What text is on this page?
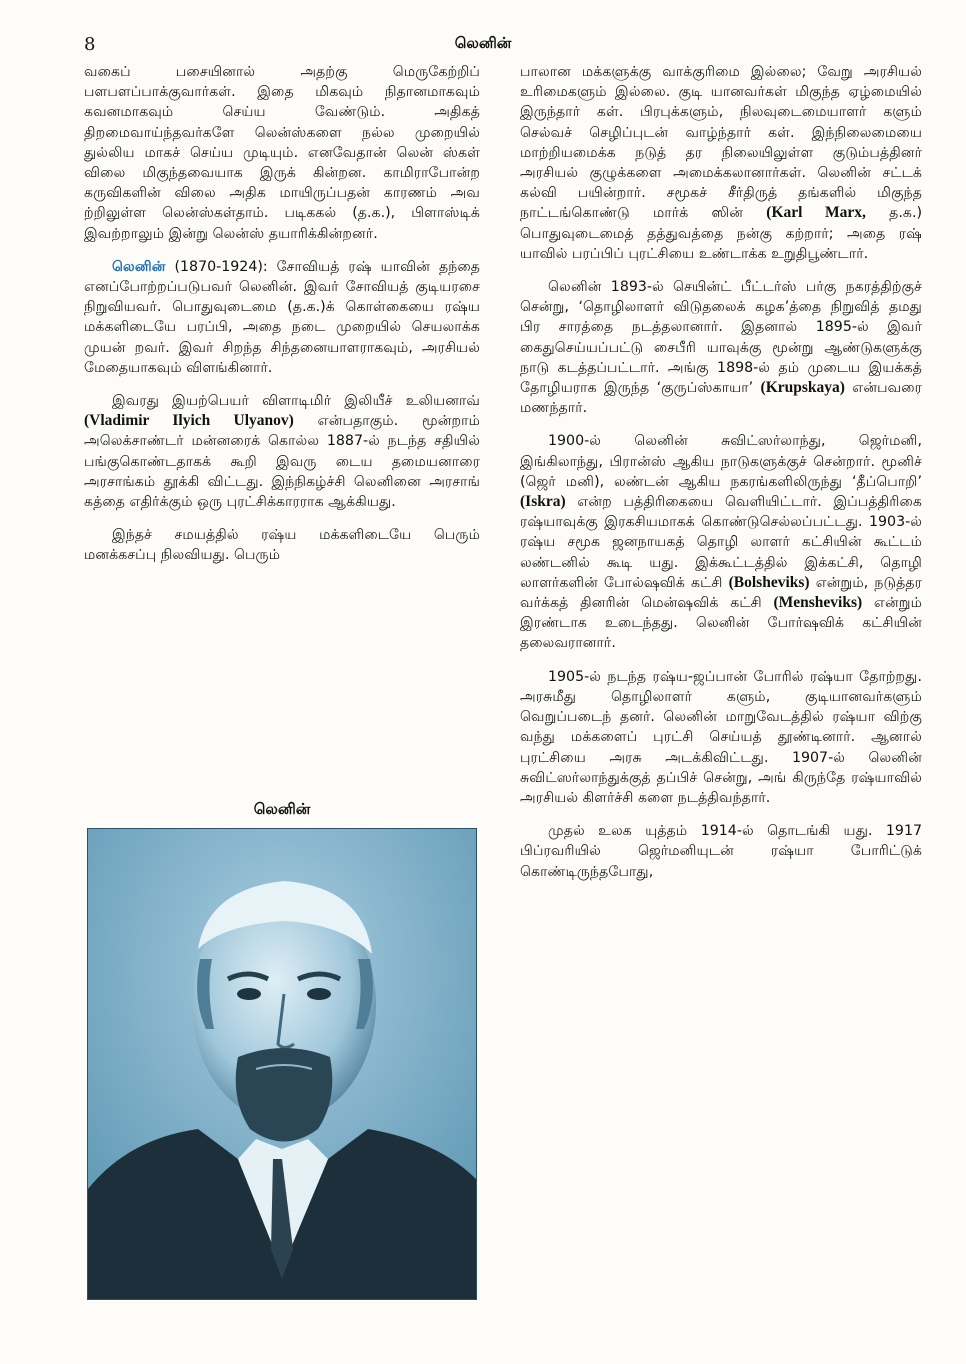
8	லெனின்

வகைப் பசையினால் அதற்கு மெருகேற்றிப் பளபளப்பாக்குவார்கள். இதை மிகவும் நிதானமாகவும் கவனமாகவும் செய்ய வேண்டும். அதிகத் திறமைவாய்ந்தவர்களே லென்ஸ்களை நல்ல முறையில் துல்லிய மாகச் செய்ய முடியும். எனவேதான் லென் ஸ்கள் விலை மிகுந்தவையாக இருக் கின்றன. காமிராபோன்ற கருவிகளின் விலை அதிக மாயிருப்பதன் காரணம் அவ ற்றிலுள்ள லென்ஸ்கள்தாம். படிககல் (த.க.), பிளாஸ்டிக் இவற்றாலும் இன்று லென்ஸ் தயாரிக்கின்றனர்.

லெனின் (1870-1924): சோவியத் ரஷ் யாவின் தந்தை எனப்போற்றப்படுபவர் லெனின். இவர் சோவியத் குடியரசை நிறுவியவர். பொதுவுடைமை (த.க.)க் கொள்கையை ரஷ்ய மக்களிடையே பரப்பி, அதை நடை முறையில் செயலாக்க முயன் றவர். இவர் சிறந்த சிந்தனையாளராகவும், அரசியல் மேதையாகவும் விளங்கினார்.

இவரது இயற்பெயர் விளாடிமிர் இலியீச் உலியனாவ் (Vladimir Ilyich Ulyanov) என்பதாகும். மூன்றாம் அலெக்சாண்டர் மன்னரைக் கொல்ல 1887-ல் நடந்த சதியில் பங்குகொண்டதாகக் கூறி இவரு டைய தமையனாரை அரசாங்கம் தூக்கி விட்டது. இந்நிகழ்ச்சி லெனினை அரசாங் கத்தை எதிர்க்கும் ஒரு புரட்சிக்காரராக ஆக்கியது.

இந்தச் சமயத்தில் ரஷ்ய மக்களிடையே பெரும் மனக்கசப்பு நிலவியது. பெரும்

லெனின்

பாலான மக்களுக்கு வாக்குரிமை இல்லை; வேறு அரசியல் உரிமைகளும் இல்லை. குடி யானவர்கள் மிகுந்த ஏழ்மையில் இருந்தார் கள். பிரபுக்களும், நிலவுடைமையாளர் களும் செல்வச் செழிப்புடன் வாழ்ந்தார் கள். இந்நிலைமையை மாற்றியமைக்க நடுத் தர நிலையிலுள்ள குடும்பத்தினர் அரசியல் குழுக்களை அமைக்கலானார்கள். லெனின் சட்டக் கல்வி பயின்றார். சமூகச் சீர்திருத் தங்களில் மிகுந்த நாட்டங்கொண்டு மார்க் ஸின் (Karl Marx, த.க.) பொதுவுடைமைத் தத்துவத்தை நன்கு கற்றார்; அதை ரஷ் யாவில் பரப்பிப் புரட்சியை உண்டாக்க உறுதிபூண்டார்.

லெனின் 1893-ல் செயின்ட் பீட்டர்ஸ் பர்கு நகரத்திற்குச் சென்று, ‘தொழிலாளர் விடுதலைக் கழக’த்தை நிறுவித் தமது பிர சாரத்தை நடத்தலானார். இதனால் 1895-ல் இவர் கைதுசெய்யப்பட்டு சைபீரி யாவுக்கு மூன்று ஆண்டுகளுக்கு நாடு கடத்தப்பட்டார். அங்கு 1898-ல் தம் முடைய இயக்கத் தோழியராக இருந்த ‘குருப்ஸ்காயா’ (Krupskaya) என்பவரை மணந்தார்.

1900-ல் லெனின் சுவிட்ஸர்லாந்து, ஜெர்மனி, இங்கிலாந்து, பிரான்ஸ் ஆகிய நாடுகளுக்குச் சென்றார். மூனிச் (ஜெர் மனி), லண்டன் ஆகிய நகரங்களிலிருந்து ‘தீப்பொறி’ (Iskra) என்ற பத்திரிகையை வெளியிட்டார். இப்பத்திரிகை ரஷ்யாவுக்கு இரகசியமாகக் கொண்டுசெல்லப்பட்டது. 1903-ல் ரஷ்ய சமூக ஜனநாயகத் தொழி லாளர் கட்சியின் கூட்டம் லண்டனில் கூடி யது. இக்கூட்டத்தில் இக்கட்சி, தொழி லாளர்களின் போல்ஷவிக் கட்சி (Bolsheviks) என்றும், நடுத்தர வர்க்கத் தினரின் மென்ஷவிக் கட்சி (Mensheviks) என்றும் இரண்டாக உடைந்தது. லெனின் போர்ஷவிக் கட்சியின் தலைவரானார்.

1905-ல் நடந்த ரஷ்ய-ஜப்பான் போரில் ரஷ்யா தோற்றது. அரசுமீது தொழிலாளர் களும், குடியானவர்களும் வெறுப்படைந் தனர். லெனின் மாறுவேடத்தில் ரஷ்யா விற்கு வந்து மக்களைப் புரட்சி செய்யத் தூண்டினார். ஆனால் புரட்சியை அரசு அடக்கிவிட்டது. 1907-ல் லெனின் சுவிட்ஸர்லாந்துக்குத் தப்பிச் சென்று, அங் கிருந்தே ரஷ்யாவில் அரசியல் கிளர்ச்சி களை நடத்திவந்தார்.

முதல் உலக யுத்தம் 1914-ல் தொடங்கி யது. 1917 பிப்ரவரியில் ஜெர்மனியுடன் ரஷ்யா போரிட்டுக் கொண்டிருந்தபோது,
